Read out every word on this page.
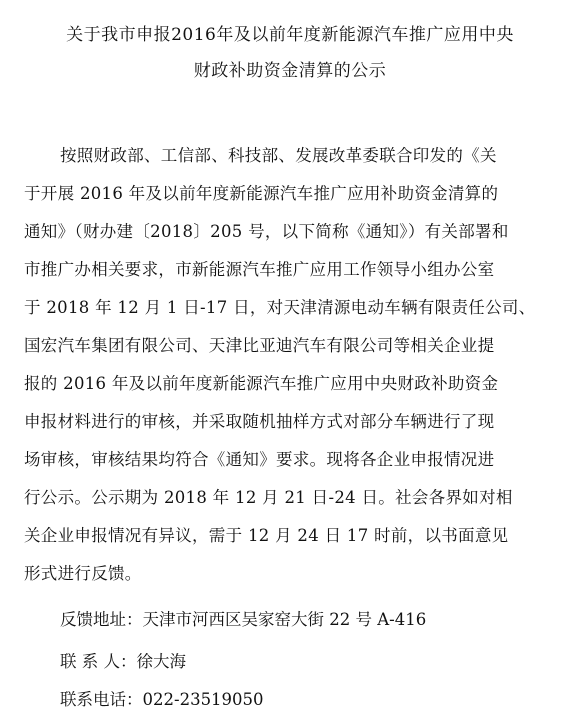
关于我市申报2016年及以前年度新能源汽车推广应用中央
财政补助资金清算的公示
按照财政部、工信部、科技部、发展改革委联合印发的《关
于开展 2016 年及以前年度新能源汽车推广应用补助资金清算的
通知》（财办建〔2018〕205 号，以下简称《通知》）有关部署和
市推广办相关要求，市新能源汽车推广应用工作领导小组办公室
于 2018 年 12 月 1 日-17 日，对天津清源电动车辆有限责任公司、
国宏汽车集团有限公司、天津比亚迪汽车有限公司等相关企业提
报的 2016 年及以前年度新能源汽车推广应用中央财政补助资金
申报材料进行的审核，并采取随机抽样方式对部分车辆进行了现
场审核，审核结果均符合《通知》要求。现将各企业申报情况进
行公示。公示期为 2018 年 12 月 21 日-24 日。社会各界如对相
关企业申报情况有异议，需于 12 月 24 日 17 时前，以书面意见
形式进行反馈。
反馈地址：天津市河西区吴家窑大街 22 号 A-416
联 系 人：徐大海
联系电话：022-23519050
